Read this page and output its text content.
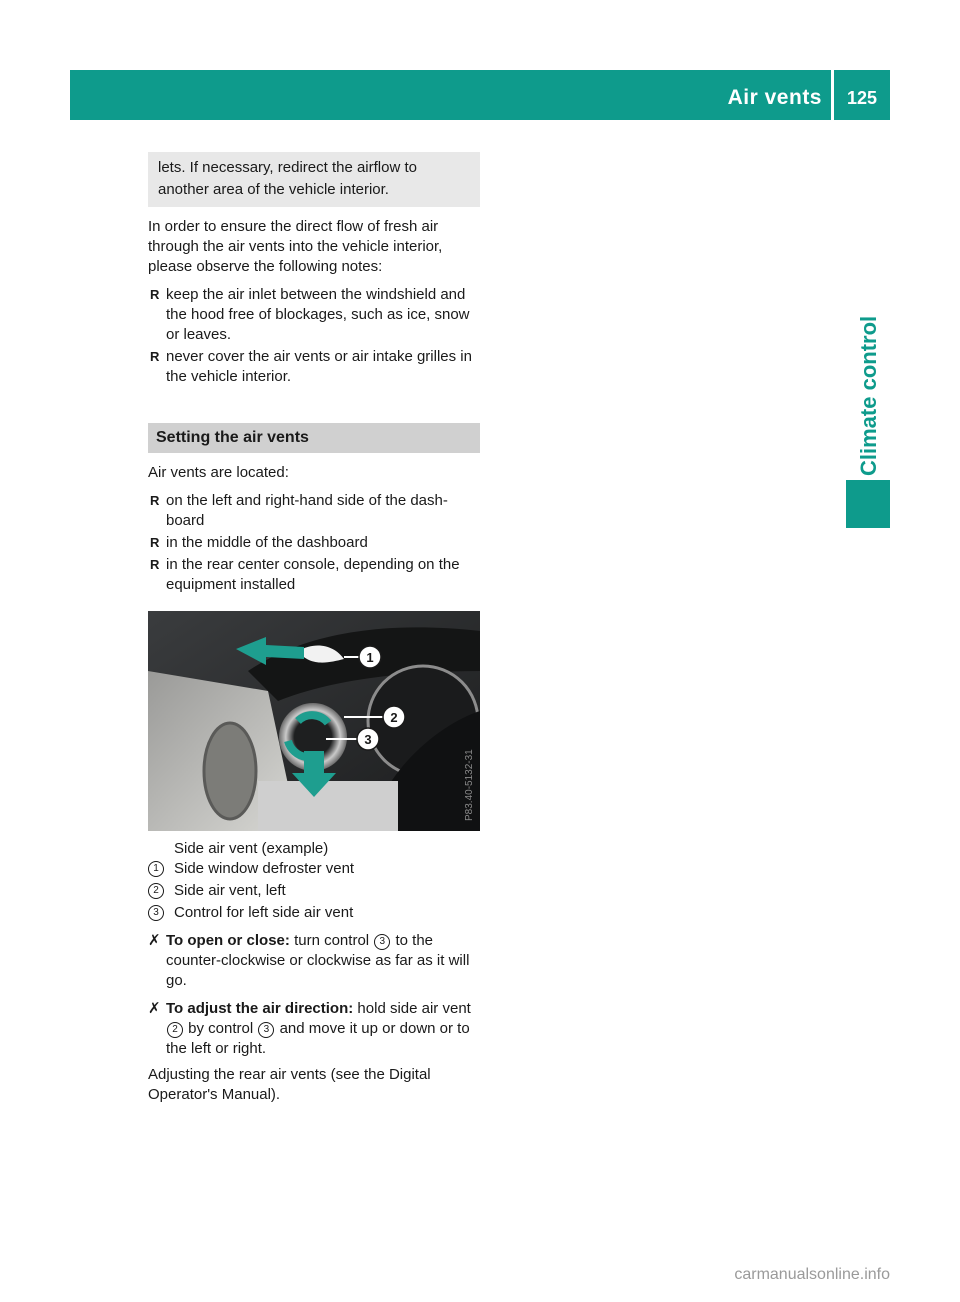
Air vents	125
Climate control
lets. If necessary, redirect the airflow to another area of the vehicle interior.

In order to ensure the direct flow of fresh air through the air vents into the vehicle interior, please observe the following notes:

R keep the air inlet between the windshield and the hood free of blockages, such as ice, snow or leaves.
R never cover the air vents or air intake grilles in the vehicle interior.
Setting the air vents

Air vents are located:

R on the left and right-hand side of the dash-board
R in the middle of the dashboard
R in the rear center console, depending on the equipment installed
1
2
3
P83.40-5132-31
Side air vent (example)
1	Side window defroster vent
2	Side air vent, left
3	Control for left side air vent
✗ To open or close: turn control 3 to the counter-clockwise or clockwise as far as it will go.
✗ To adjust the air direction: hold side air vent 2 by control 3 and move it up or down or to the left or right.

Adjusting the rear air vents (see the Digital Operator's Manual).

carmanualsonline.info
